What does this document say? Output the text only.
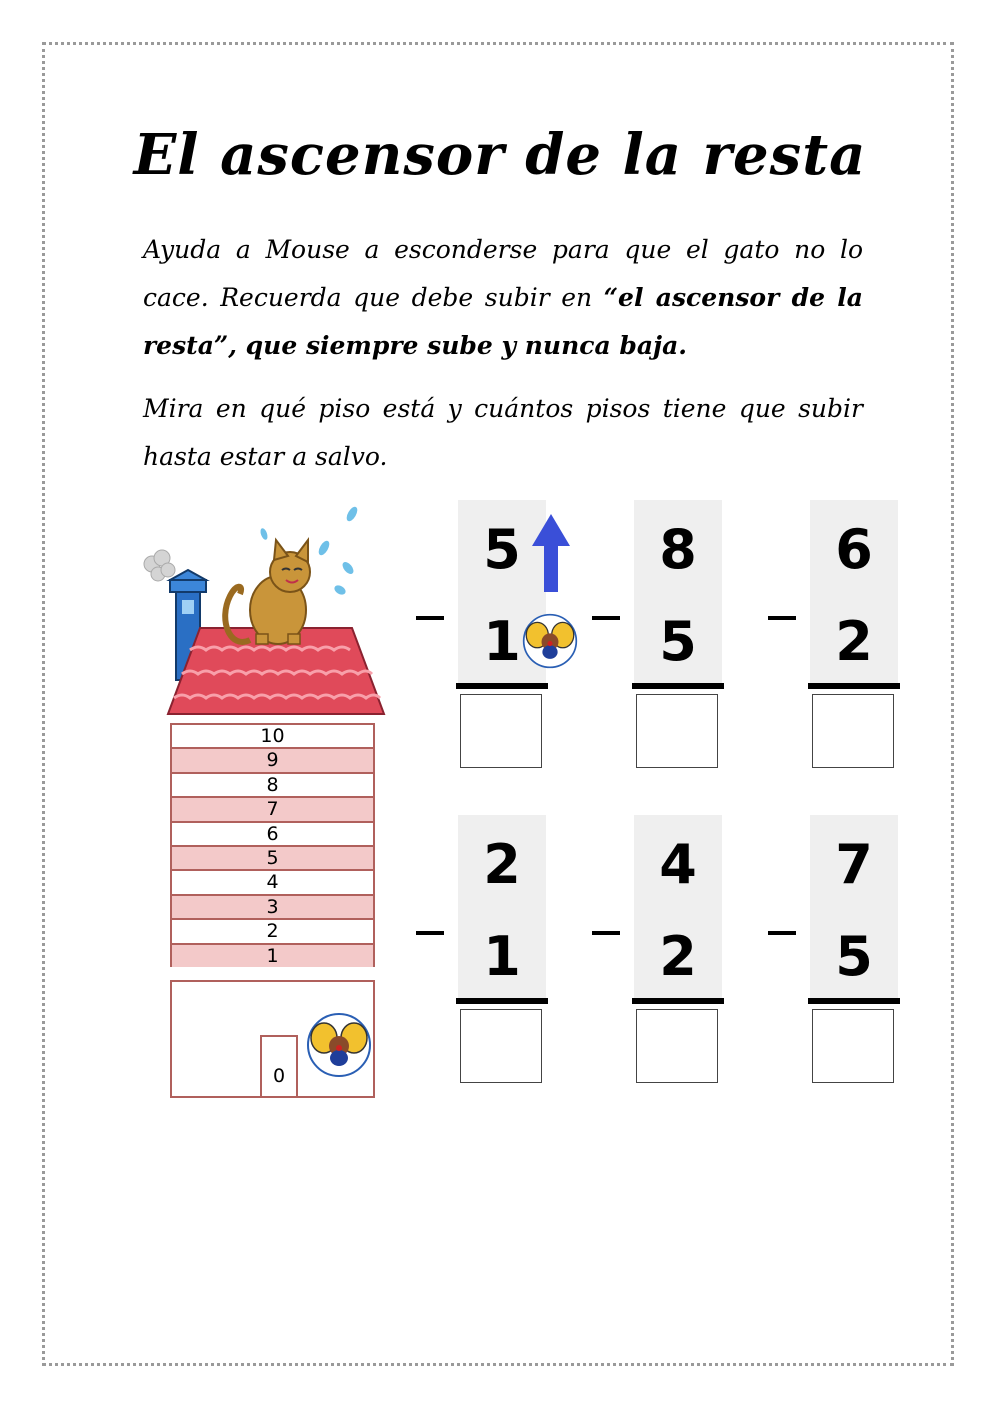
El ascensor de la resta

Ayuda a Mouse a esconderse para que el gato no lo cace. Recuerda que debe subir en “el ascensor de la resta”, que siempre sube y nunca baja.

Mira en qué piso está y cuántos pisos tiene que subir hasta estar a salvo.

10
9
8
7
6
5
4
3
2
1
0
5
1
8
5
6
2
2
1
4
2
7
5
